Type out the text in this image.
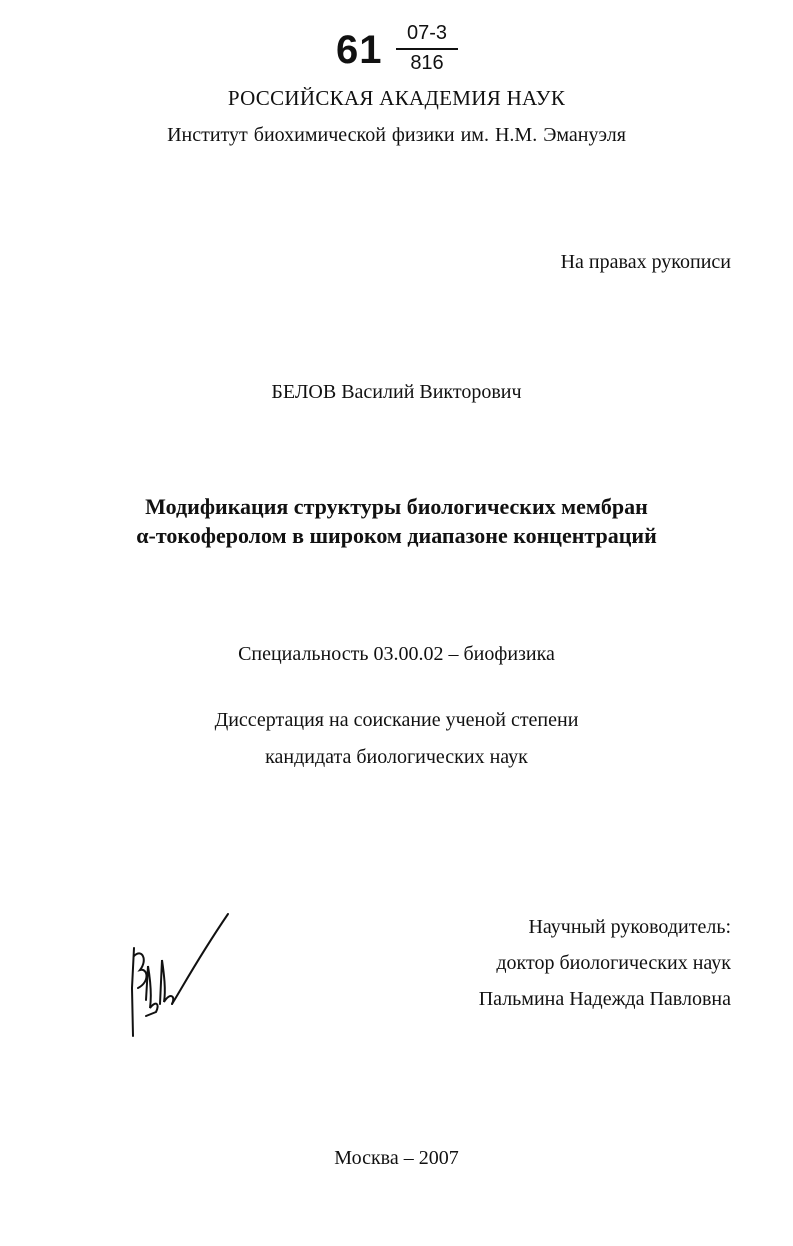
61	07-3
816
РОССИЙСКАЯ АКАДЕМИЯ НАУК
Институт биохимической физики им. Н.М. Эмануэля
На правах рукописи
БЕЛОВ Василий Викторович
Модификация структуры биологических мембран
α-токоферолом в широком диапазоне концентраций
Специальность 03.00.02 – биофизика
Диссертация на соискание ученой степени
кандидата биологических наук
Научный руководитель:
доктор биологических наук
Пальмина Надежда Павловна
Москва – 2007
